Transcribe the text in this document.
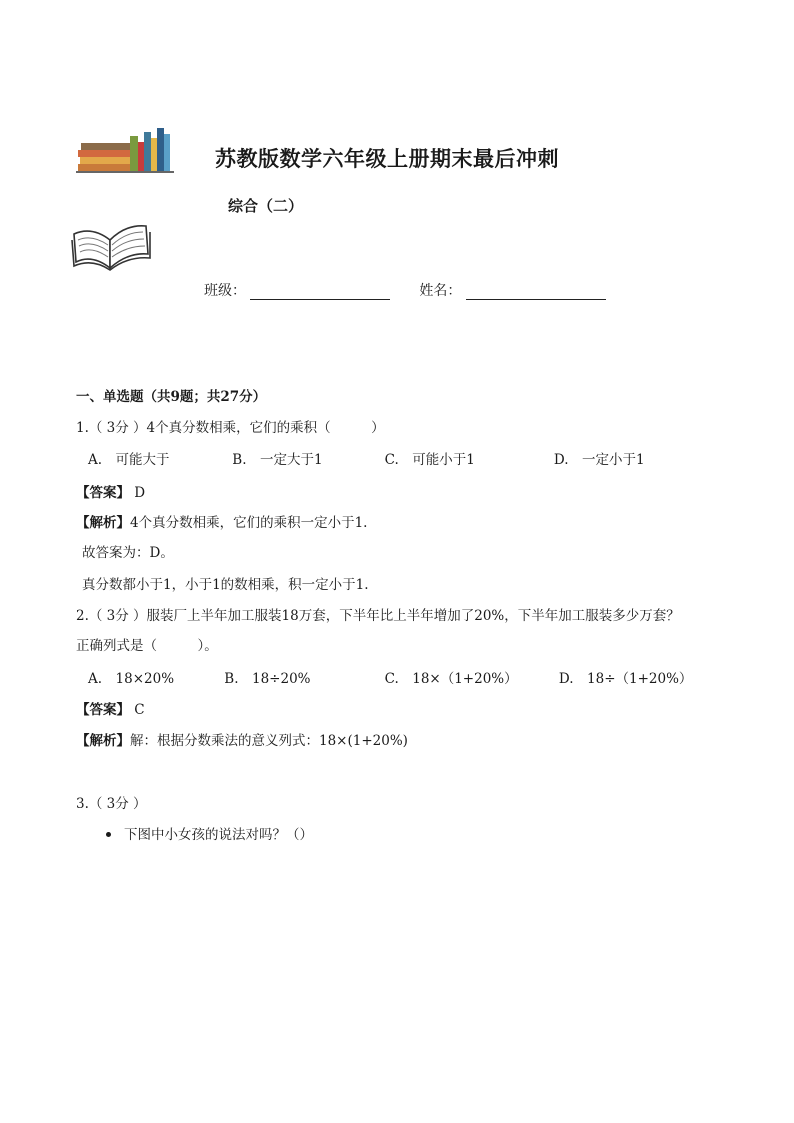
苏教版数学六年级上册期末最后冲刺
综合（二）
班级：	姓名：
一、单选题（共9题；共27分）
1.（ 3分 ）4个真分数相乘，它们的乘积（　　　）
A.　可能大于	B.　一定大于1	C.　可能小于1	D.　一定小于1
【答案】 D
【解析】4个真分数相乘，它们的乘积一定小于1.
故答案为：D。
真分数都小于1，小于1的数相乘，积一定小于1.
2.（ 3分 ）服装厂上半年加工服装18万套，下半年比上半年增加了20%，下半年加工服装多少万套？
正确列式是（　　　）。
A.　18×20%	B.　18÷20%	C.　18×（1+20%）	D.　18÷（1+20%）
【答案】 C
【解析】解：根据分数乘法的意义列式：18×(1+20%)
3.（ 3分 ）
下图中小女孩的说法对吗？（）
